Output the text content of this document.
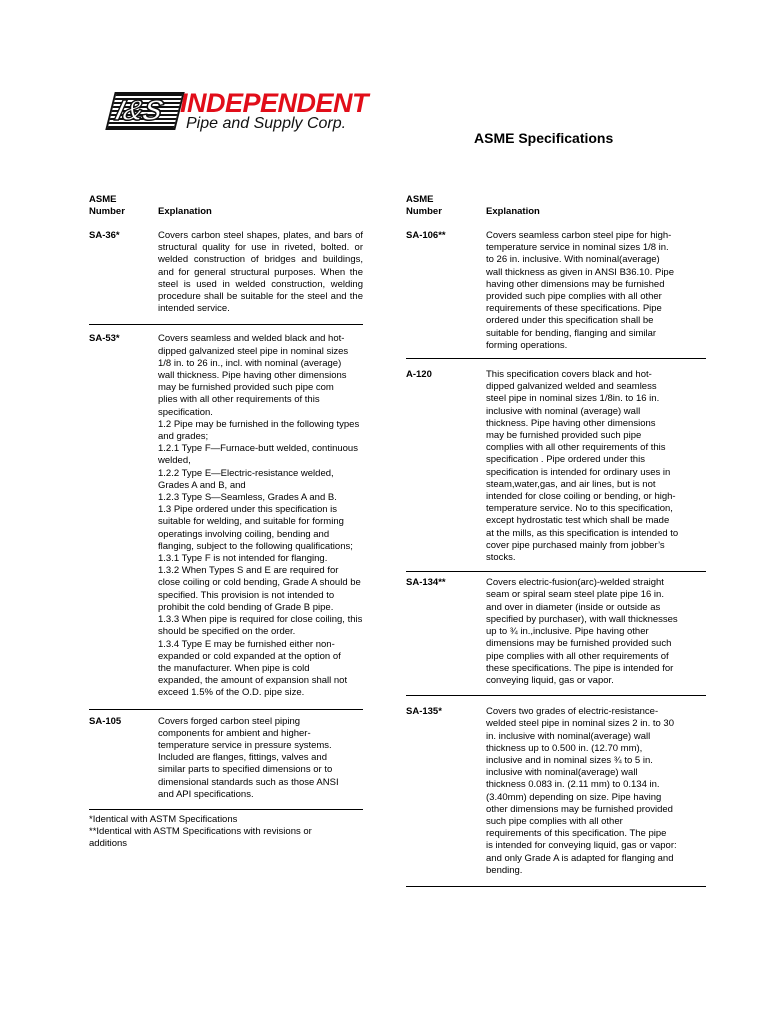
I&S INDEPENDENT
Pipe and Supply Corp.
ASME Specifications
ASME
Number	Explanation
SA-36*	Covers carbon steel shapes, plates, and bars of structural quality for use in riveted, bolted. or welded construction of bridges and buildings, and for general structural purposes. When the steel is used in welded construction, welding procedure shall be suitable for the steel and the intended service.
SA-53*	Covers seamless and welded black and hot-
dipped galvanized steel pipe in nominal sizes
1/8 in. to 26 in., incl. with nominal (average)
wall thickness. Pipe having other dimensions
may be furnished provided such pipe com
plies with all other requirements of this
specification.
1.2 Pipe may be furnished in the following types and grades;
1.2.1 Type F—Furnace-butt welded, continuous welded,
1.2.2 Type E—Electric-resistance welded, Grades A and B, and
1.2.3 Type S—Seamless, Grades A and B.
1.3 Pipe ordered under this specification is suitable for welding, and suitable for forming operatings involving coiling, bending and flanging, subject to the following qualifications;
1.3.1 Type F is not intended for flanging.
1.3.2 When Types S and E are required for close coiling or cold bending, Grade A should be specified. This provision is not intended to prohibit the cold bending of Grade B pipe.
1.3.3 When pipe is required for close coiling, this should be specified on the order.
1.3.4 Type E may be furnished either non-
expanded or cold expanded at the option of
the manufacturer. When pipe is cold
expanded, the amount of expansion shall not
exceed 1.5% of the O.D. pipe size.
SA-105	Covers forged carbon steel piping
components for ambient and higher-
temperature service in pressure systems.
Included are flanges, fittings, valves and
similar parts to specified dimensions or to
dimensional standards such as those ANSI
and API specifications.
*Identical with ASTM Specifications
**Identical with ASTM Specifications with revisions or
additions
ASME
Number	Explanation
SA-106**	Covers seamless carbon steel pipe for high-
temperature service in nominal sizes 1/8 in.
to 26 in. inclusive. With nominal(average)
wall thickness as given in ANSI B36.10. Pipe
having other dimensions may be furnished
provided such pipe complies with all other
requirements of these specifications. Pipe
ordered under this specification shall be
suitable for bending, flanging and similar
forming operations.
A-120	This specification covers black and hot-
dipped galvanized welded and seamless
steel pipe in nominal sizes 1/8in. to 16 in.
inclusive with nominal (average) wall
thickness. Pipe having other dimensions
may be furnished provided such pipe
complies with all other requirements of this
specification . Pipe ordered under this
specification is intended for ordinary uses in
steam,water,gas, and air lines, but is not
intended for close coiling or bending, or high-
temperature service. No to this specification,
except hydrostatic test which shall be made
at the mills, as this specification is intended to
cover pipe purchased mainly from jobber’s
stocks.
SA-134**	Covers electric-fusion(arc)-welded straight
seam or spiral seam steel plate pipe 16 in.
and over in diameter (inside or outside as
specified by purchaser), with wall thicknesses
up to ¾ in.,inclusive. Pipe having other
dimensions may be furnished provided such
pipe complies with all other requirements of
these specifications. The pipe is intended for
conveying liquid, gas or vapor.
SA-135*	Covers two grades of electric-resistance-
welded steel pipe in nominal sizes 2 in. to 30
in. inclusive with nominal(average) wall
thickness up to 0.500 in. (12.70 mm),
inclusive and in nominal sizes ¾ to 5 in.
inclusive with nominal(average) wall
thickness 0.083 in. (2.11 mm) to 0.134 in.
(3.40mm) depending on size. Pipe having
other dimensions may be furnished provided
such pipe complies with all other
requirements of this specification. The pipe
is intended for conveying liquid, gas or vapor:
and only Grade A is adapted for flanging and
bending.
